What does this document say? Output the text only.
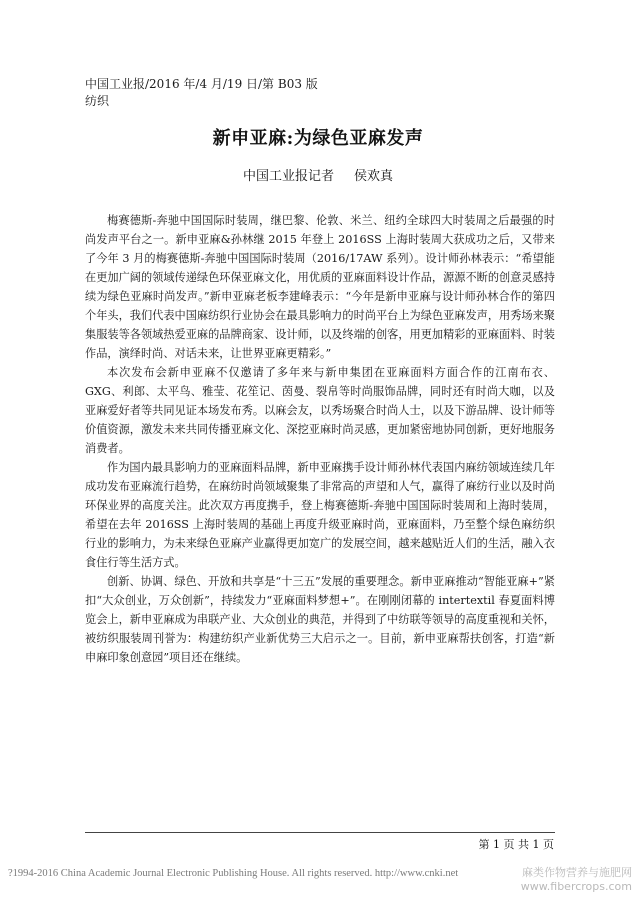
中国工业报/2016 年/4 月/19 日/第 B03 版
纺织
新申亚麻:为绿色亚麻发声
中国工业报记者 侯欢真

梅赛德斯-奔驰中国国际时装周，继巴黎、伦敦、米兰、纽约全球四大时装周之后最强的时尚发声平台之一。新申亚麻&孙林继 2015 年登上 2016SS 上海时装周大获成功之后，又带来了今年 3 月的梅赛德斯-奔驰中国国际时装周（2016/17AW 系列）。设计师孙林表示：“希望能在更加广阔的领域传递绿色环保亚麻文化，用优质的亚麻面料设计作品，源源不断的创意灵感持续为绿色亚麻时尚发声。”新申亚麻老板李建峰表示：“今年是新申亚麻与设计师孙林合作的第四个年头，我们代表中国麻纺织行业协会在最具影响力的时尚平台上为绿色亚麻发声，用秀场来聚集服装等各领域热爱亚麻的品牌商家、设计师，以及终端的创客，用更加精彩的亚麻面料、时装作品，演绎时尚、对话未来，让世界亚麻更精彩。”

本次发布会新申亚麻不仅邀请了多年来与新申集团在亚麻面料方面合作的江南布衣、GXG、利郎、太平鸟、雅莹、花笙记、茵曼、裂帛等时尚服饰品牌，同时还有时尚大咖，以及亚麻爱好者等共同见证本场发布秀。以麻会友，以秀场聚合时尚人士，以及下游品牌、设计师等价值资源，激发未来共同传播亚麻文化、深挖亚麻时尚灵感，更加紧密地协同创新，更好地服务消费者。

作为国内最具影响力的亚麻面料品牌，新申亚麻携手设计师孙林代表国内麻纺领域连续几年成功发布亚麻流行趋势，在麻纺时尚领域聚集了非常高的声望和人气，赢得了麻纺行业以及时尚环保业界的高度关注。此次双方再度携手，登上梅赛德斯-奔驰中国国际时装周和上海时装周，希望在去年 2016SS 上海时装周的基础上再度升级亚麻时尚，亚麻面料，乃至整个绿色麻纺织行业的影响力，为未来绿色亚麻产业赢得更加宽广的发展空间，越来越贴近人们的生活，融入衣食住行等生活方式。

创新、协调、绿色、开放和共享是“十三五”发展的重要理念。新申亚麻推动“智能亚麻+”紧扣“大众创业，万众创新”，持续发力“亚麻面料梦想+”。在刚刚闭幕的 intertextil 春夏面料博览会上，新申亚麻成为串联产业、大众创业的典范，并得到了中纺联等领导的高度重视和关怀，被纺织服装周刊誉为：构建纺织产业新优势三大启示之一。目前，新申亚麻帮扶创客，打造“新申麻印象创意园”项目还在继续。

第 1 页 共 1 页
?1994-2016 China Academic Journal Electronic Publishing House. All rights reserved. http://www.cnki.net	麻类作物营养与施肥网
www.fibercrops.com
